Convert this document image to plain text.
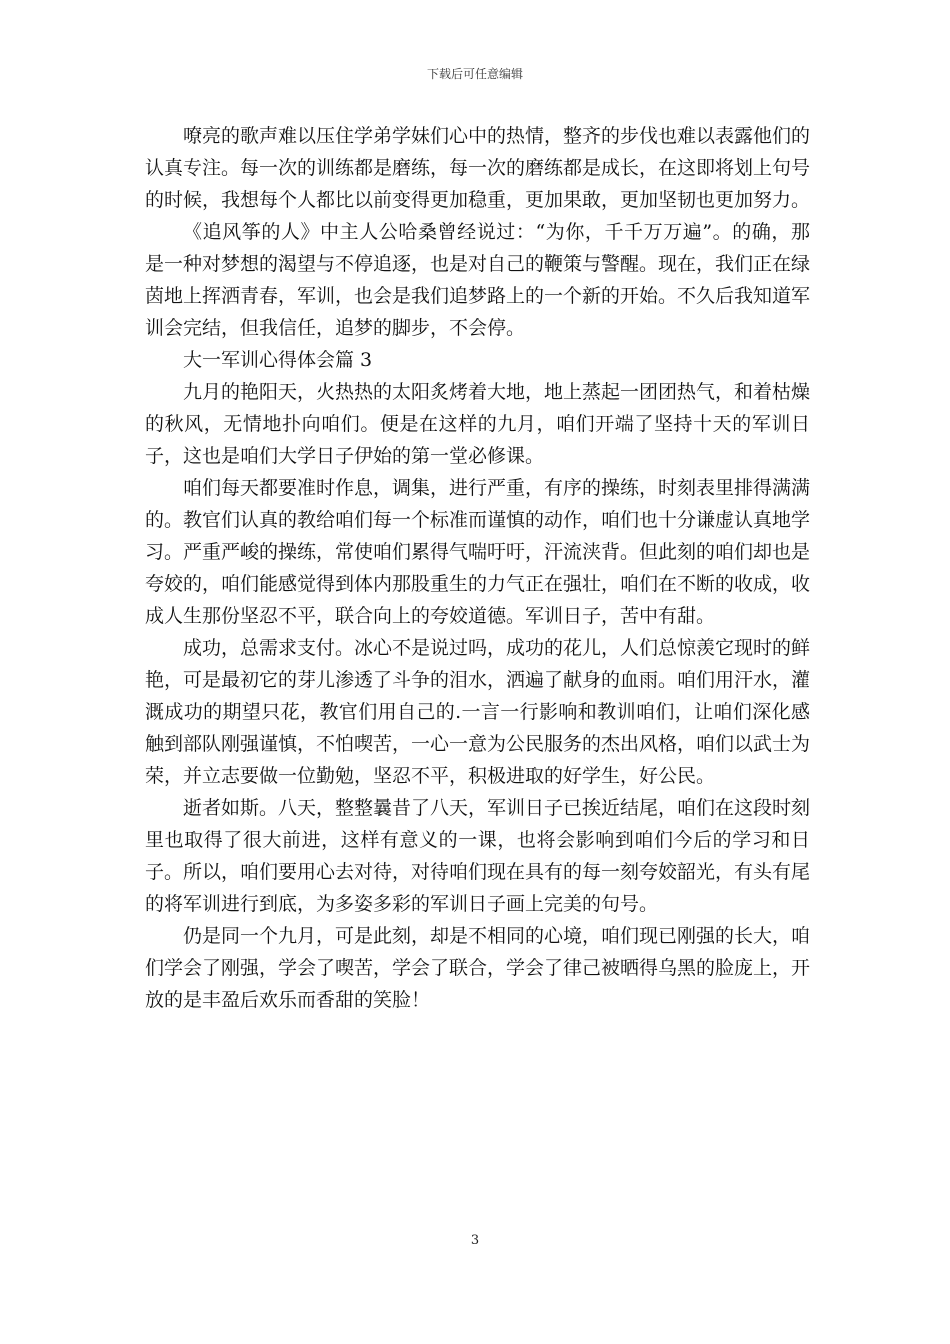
下载后可任意编辑

嘹亮的歌声难以压住学弟学妹们心中的热情，整齐的步伐也难以表露他们的认真专注。每一次的训练都是磨练，每一次的磨练都是成长，在这即将划上句号的时候，我想每个人都比以前变得更加稳重，更加果敢，更加坚韧也更加努力。

《追风筝的人》中主人公哈桑曾经说过：“为你，千千万万遍”。的确，那是一种对梦想的渴望与不停追逐，也是对自己的鞭策与警醒。现在，我们正在绿茵地上挥洒青春，军训，也会是我们追梦路上的一个新的开始。不久后我知道军训会完结，但我信任，追梦的脚步，不会停。

大一军训心得体会篇 3

九月的艳阳天，火热热的太阳炙烤着大地，地上蒸起一团团热气，和着枯燥的秋风，无情地扑向咱们。便是在这样的九月，咱们开端了坚持十天的军训日子，这也是咱们大学日子伊始的第一堂必修课。

咱们每天都要准时作息，调集，进行严重，有序的操练，时刻表里排得满满的。教官们认真的教给咱们每一个标准而谨慎的动作，咱们也十分谦虚认真地学习。严重严峻的操练，常使咱们累得气喘吁吁，汗流浃背。但此刻的咱们却也是夸姣的，咱们能感觉得到体内那股重生的力气正在强壮，咱们在不断的收成，收成人生那份坚忍不平，联合向上的夸姣道德。军训日子，苦中有甜。

成功，总需求支付。冰心不是说过吗，成功的花儿，人们总惊羡它现时的鲜艳，可是最初它的芽儿渗透了斗争的泪水，洒遍了献身的血雨。咱们用汗水，灌溉成功的期望只花，教官们用自己的.一言一行影响和教训咱们，让咱们深化感触到部队刚强谨慎，不怕喫苦，一心一意为公民服务的杰出风格，咱们以武士为荣，并立志要做一位勤勉，坚忍不平，积极进取的好学生，好公民。

逝者如斯。八天，整整曩昔了八天，军训日子已挨近结尾，咱们在这段时刻里也取得了很大前进，这样有意义的一课，也将会影响到咱们今后的学习和日子。所以，咱们要用心去对待，对待咱们现在具有的每一刻夸姣韶光，有头有尾的将军训进行到底，为多姿多彩的军训日子画上完美的句号。

仍是同一个九月，可是此刻，却是不相同的心境，咱们现已刚强的长大，咱们学会了刚强，学会了喫苦，学会了联合，学会了律己被晒得乌黑的脸庞上，开放的是丰盈后欢乐而香甜的笑脸！

3
